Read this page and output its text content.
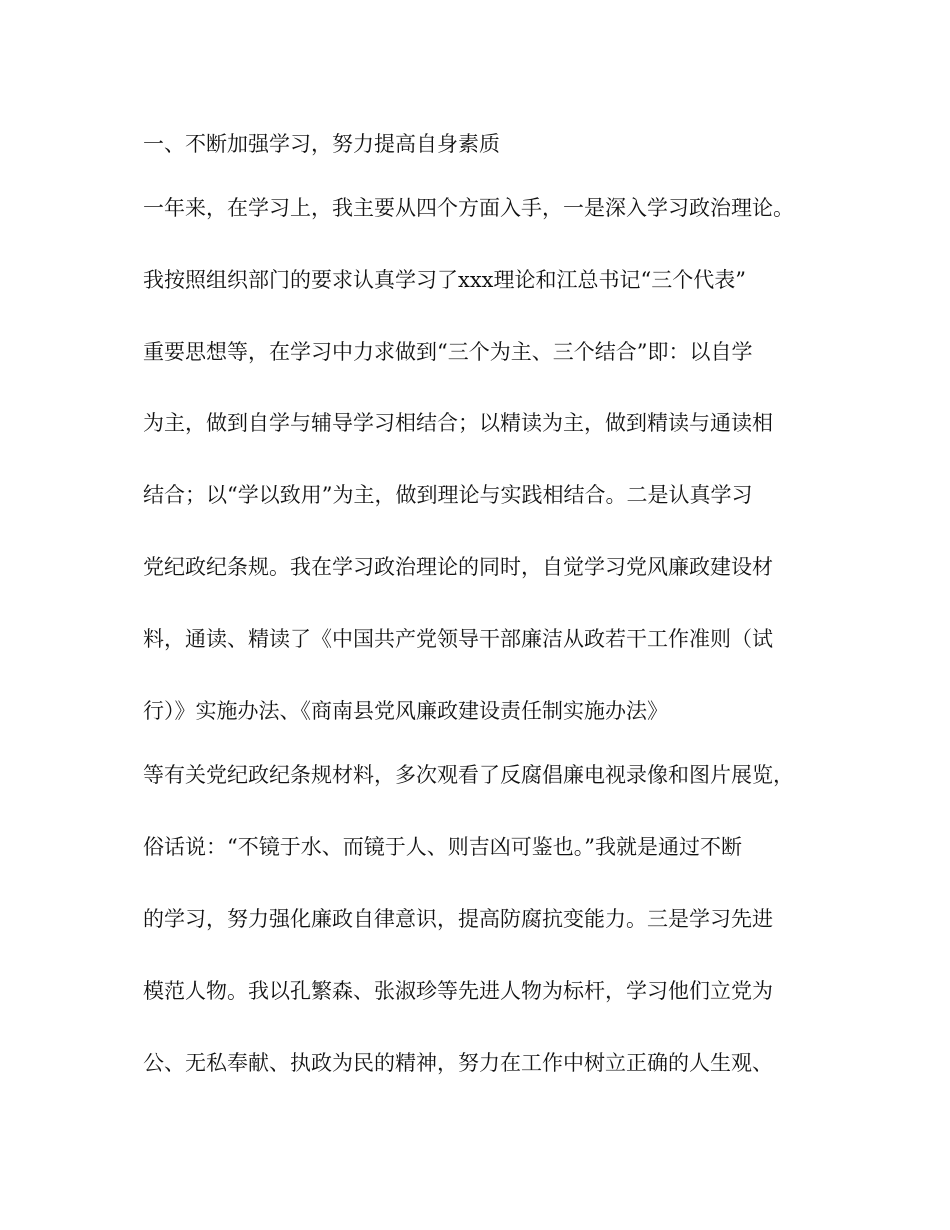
一、不断加强学习，努力提高自身素质

一年来，在学习上，我主要从四个方面入手，一是深入学习政治理论。

我按照组织部门的要求认真学习了xxx理论和江总书记“三个代表”

重要思想等，在学习中力求做到“三个为主、三个结合”即：以自学

为主，做到自学与辅导学习相结合；以精读为主，做到精读与通读相

结合；以“学以致用”为主，做到理论与实践相结合。二是认真学习

党纪政纪条规。我在学习政治理论的同时，自觉学习党风廉政建设材

料，通读、精读了《中国共产党领导干部廉洁从政若干工作准则（试

行）》实施办法、《商南县党风廉政建设责任制实施办法》

等有关党纪政纪条规材料，多次观看了反腐倡廉电视录像和图片展览，

俗话说：“不镜于水、而镜于人、则吉凶可鉴也。”我就是通过不断

的学习，努力强化廉政自律意识，提高防腐抗变能力。三是学习先进

模范人物。我以孔繁森、张淑珍等先进人物为标杆，学习他们立党为

公、无私奉献、执政为民的精神，努力在工作中树立正确的人生观、
